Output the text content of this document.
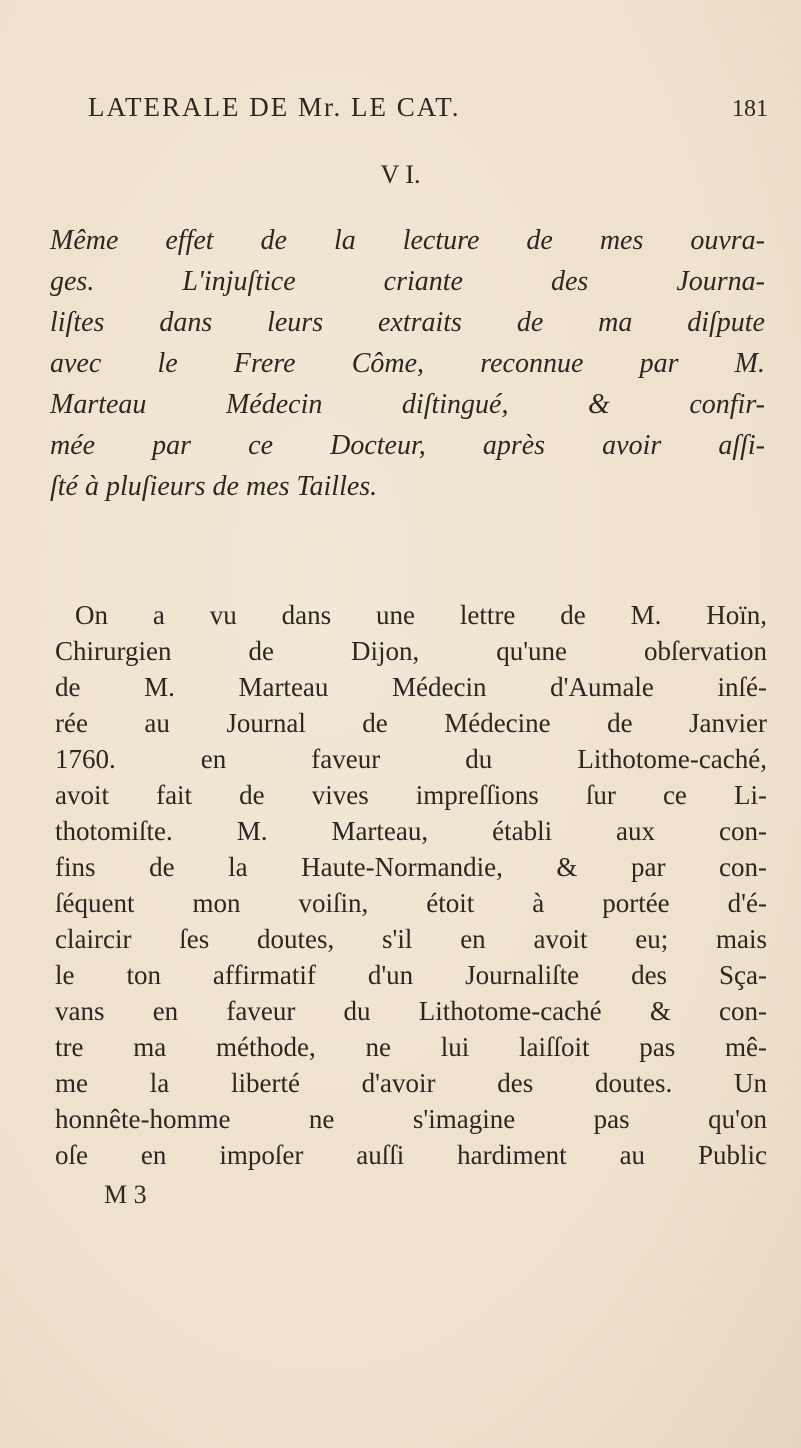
LATERALE DE Mr. LE CAT.	181
V I.
Même effet de la lecture de mes ouvra-
ges. L'injuſtice criante des Journa-
liſtes dans leurs extraits de ma diſpute
avec le Frere Côme, reconnue par M.
Marteau Médecin diſtingué, & confir-
mée par ce Docteur, après avoir aſſi-
ſté à pluſieurs de mes Tailles.
On a vu dans une lettre de M. Hoïn,
Chirurgien de Dijon, qu'une obſervation
de M. Marteau Médecin d'Aumale inſé-
rée au Journal de Médecine de Janvier
1760. en faveur du Lithotome-caché,
avoit fait de vives impreſſions ſur ce Li-
thotomiſte. M. Marteau, établi aux con-
fins de la Haute-Normandie, & par con-
ſéquent mon voiſin, étoit à portée d'é-
claircir ſes doutes, s'il en avoit eu; mais
le ton affirmatif d'un Journaliſte des Sça-
vans en faveur du Lithotome-caché & con-
tre ma méthode, ne lui laiſſoit pas mê-
me la liberté d'avoir des doutes. Un
honnête-homme ne s'imagine pas qu'on
oſe en impoſer auſſi hardiment au Public
M 3
